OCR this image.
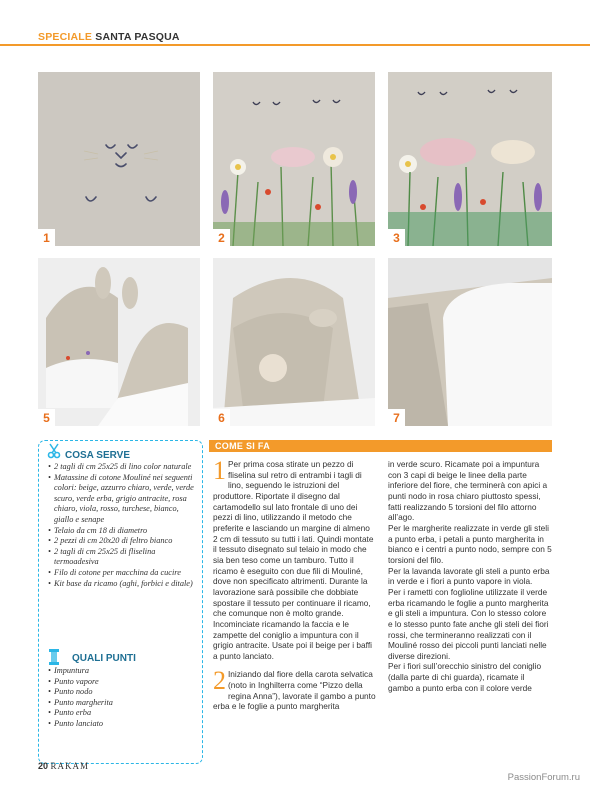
SPECIALE SANTA PASQUA
1	2	3
5	6	7
COSA SERVE
• 2 tagli di cm 25x25 di lino color naturale
• Matassine di cotone Mouliné nei seguenti colori: beige, azzurro chiaro, verde, verde scuro, verde erba, grigio antracite, rosa chiaro, viola, rosso, turchese, bianco, giallo e senape
• Telaio da cm 18 di diametro
• 2 pezzi di cm 20x20 di feltro bianco
• 2 tagli di cm 25x25 di fliselina termoadesiva
• Filo di cotone per macchina da cucire
• Kit base da ricamo (aghi, forbici e ditale)
QUALI PUNTI
• Impuntura
• Punto vapore
• Punto nodo
• Punto margherita
• Punto erba
• Punto lanciato
COME SI FA

1 Per prima cosa stirate un pezzo di fliselina sul retro di entrambi i tagli di lino, seguendo le istruzioni del produttore. Riportate il disegno dal cartamodello sul lato frontale di uno dei pezzi di lino, utilizzando il metodo che preferite e lasciando un margine di almeno 2 cm di tessuto su tutti i lati. Quindi montate il tessuto disegnato sul telaio in modo che sia ben teso come un tamburo. Tutto il ricamo è eseguito con due fili di Mouliné, dove non specificato altrimenti. Durante la lavorazione sarà possibile che dobbiate spostare il tessuto per continuare il ricamo, che comunque non è molto grande. Incominciate ricamando la faccia e le zampette del coniglio a impuntura con il grigio antracite. Usate poi il beige per i baffi a punto lanciato.

2 Iniziando dal fiore della carota selvatica (noto in Inghilterra come “Pizzo della regina Anna”), lavorate il gambo a punto erba e le foglie a punto margherita

in verde scuro. Ricamate poi a impuntura con 3 capi di beige le linee della parte inferiore del fiore, che terminerà con apici a punti nodo in rosa chiaro piuttosto spessi, fatti realizzando 5 torsioni del filo attorno all’ago.

Per le margherite realizzate in verde gli steli a punto erba, i petali a punto margherita in bianco e i centri a punto nodo, sempre con 5 torsioni del filo.

Per la lavanda lavorate gli steli a punto erba in verde e i fiori a punto vapore in viola.

Per i rametti con foglioline utilizzate il verde erba ricamando le foglie a punto margherita e gli steli a impuntura. Con lo stesso colore e lo stesso punto fate anche gli steli dei fiori rossi, che termineranno realizzati con il Mouliné rosso dei piccoli punti lanciati nelle diverse direzioni.

Per i fiori sull’orecchio sinistro del coniglio (dalla parte di chi guarda), ricamate il gambo a punto erba con il colore verde

20 RAKAM
PassionForum.ru
